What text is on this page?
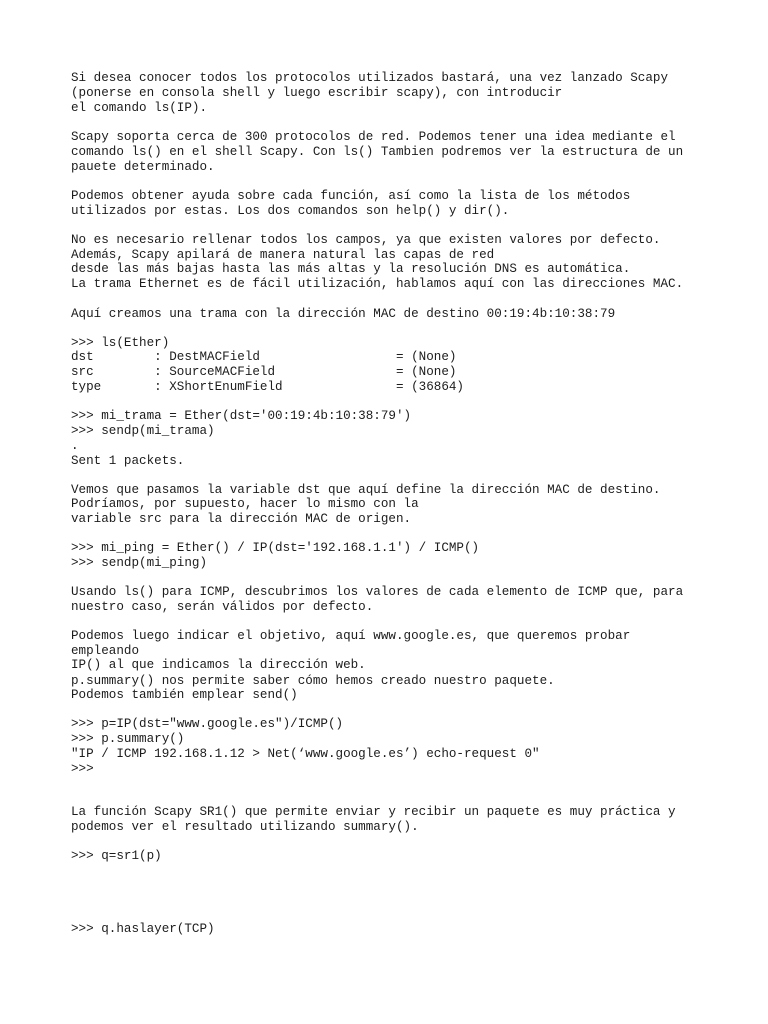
Si desea conocer todos los protocolos utilizados bastará, una vez lanzado Scapy

(ponerse en consola shell y luego escribir scapy), con introducir

el comando ls(IP).

Scapy soporta cerca de 300 protocolos de red. Podemos tener una idea mediante el

comando ls() en el shell Scapy. Con ls() Tambien podremos ver la estructura de un

pauete determinado.

Podemos obtener ayuda sobre cada función, así como la lista de los métodos

utilizados por estas. Los dos comandos son help() y dir().

No es necesario rellenar todos los campos, ya que existen valores por defecto.

Además, Scapy apilará de manera natural las capas de red

desde las más bajas hasta las más altas y la resolución DNS es automática.

La trama Ethernet es de fácil utilización, hablamos aquí con las direcciones MAC.

Aquí creamos una trama con la dirección MAC de destino 00:19:4b:10:38:79

>>> ls(Ether)

dst        : DestMACField                  = (None)

src        : SourceMACField                = (None)

type       : XShortEnumField               = (36864)

>>> mi_trama = Ether(dst='00:19:4b:10:38:79')

>>> sendp(mi_trama)

.

Sent 1 packets.

Vemos que pasamos la variable dst que aquí define la dirección MAC de destino.

Podríamos, por supuesto, hacer lo mismo con la

variable src para la dirección MAC de origen.

>>> mi_ping = Ether() / IP(dst='192.168.1.1') / ICMP()

>>> sendp(mi_ping)

Usando ls() para ICMP, descubrimos los valores de cada elemento de ICMP que, para

nuestro caso, serán válidos por defecto.

Podemos luego indicar el objetivo, aquí www.google.es, que queremos probar

empleando

IP() al que indicamos la dirección web.

p.summary() nos permite saber cómo hemos creado nuestro paquete.

Podemos también emplear send()

>>> p=IP(dst="www.google.es")/ICMP()

>>> p.summary()

"IP / ICMP 192.168.1.12 > Net(‘www.google.es’) echo-request 0"

>>>

La función Scapy SR1() que permite enviar y recibir un paquete es muy práctica y

podemos ver el resultado utilizando summary().

>>> q=sr1(p)

>>> q.haslayer(TCP)
